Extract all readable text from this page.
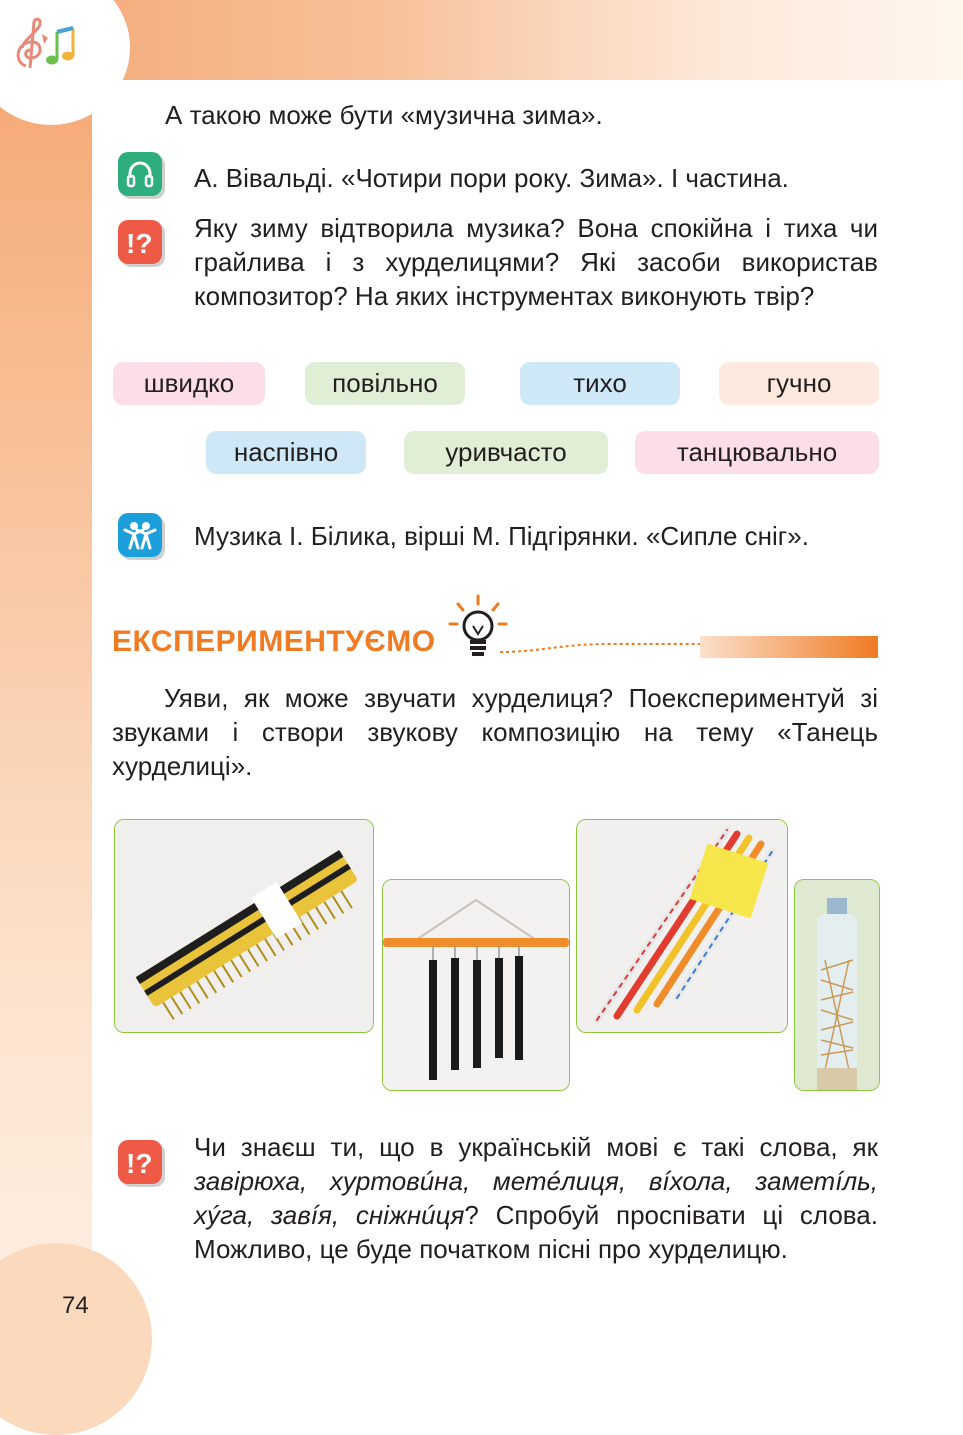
74
А такою може бути «музична зима».
А. Вівальді. «Чотири пори року. Зима». І частина.
!? Яку зиму відтворила музика? Вона спокійна і тиха чи грайлива і з хурделицями? Які засоби використав композитор? На яких інструментах виконують твір?
швидко	повільно	тихо	гучно
наспівно	уривчасто	танцювально
Музика І. Білика, вірші М. Підгірянки. «Сипле сніг».
ЕКСПЕРИМЕНТУЄМО
Уяви, як може звучати хурделиця? Поекспериментуй зі звуками і створи звукову композицію на тему «Танець хурделиці».
!?
Чи знаєш ти, що в українській мові є такі слова, як завірюха, хуртовúна, метéлиця, вíхола, заметíль, хýга, завíя, сніжнúця? Спробуй проспівати ці слова. Можливо, це буде початком пісні про хурделицю.
